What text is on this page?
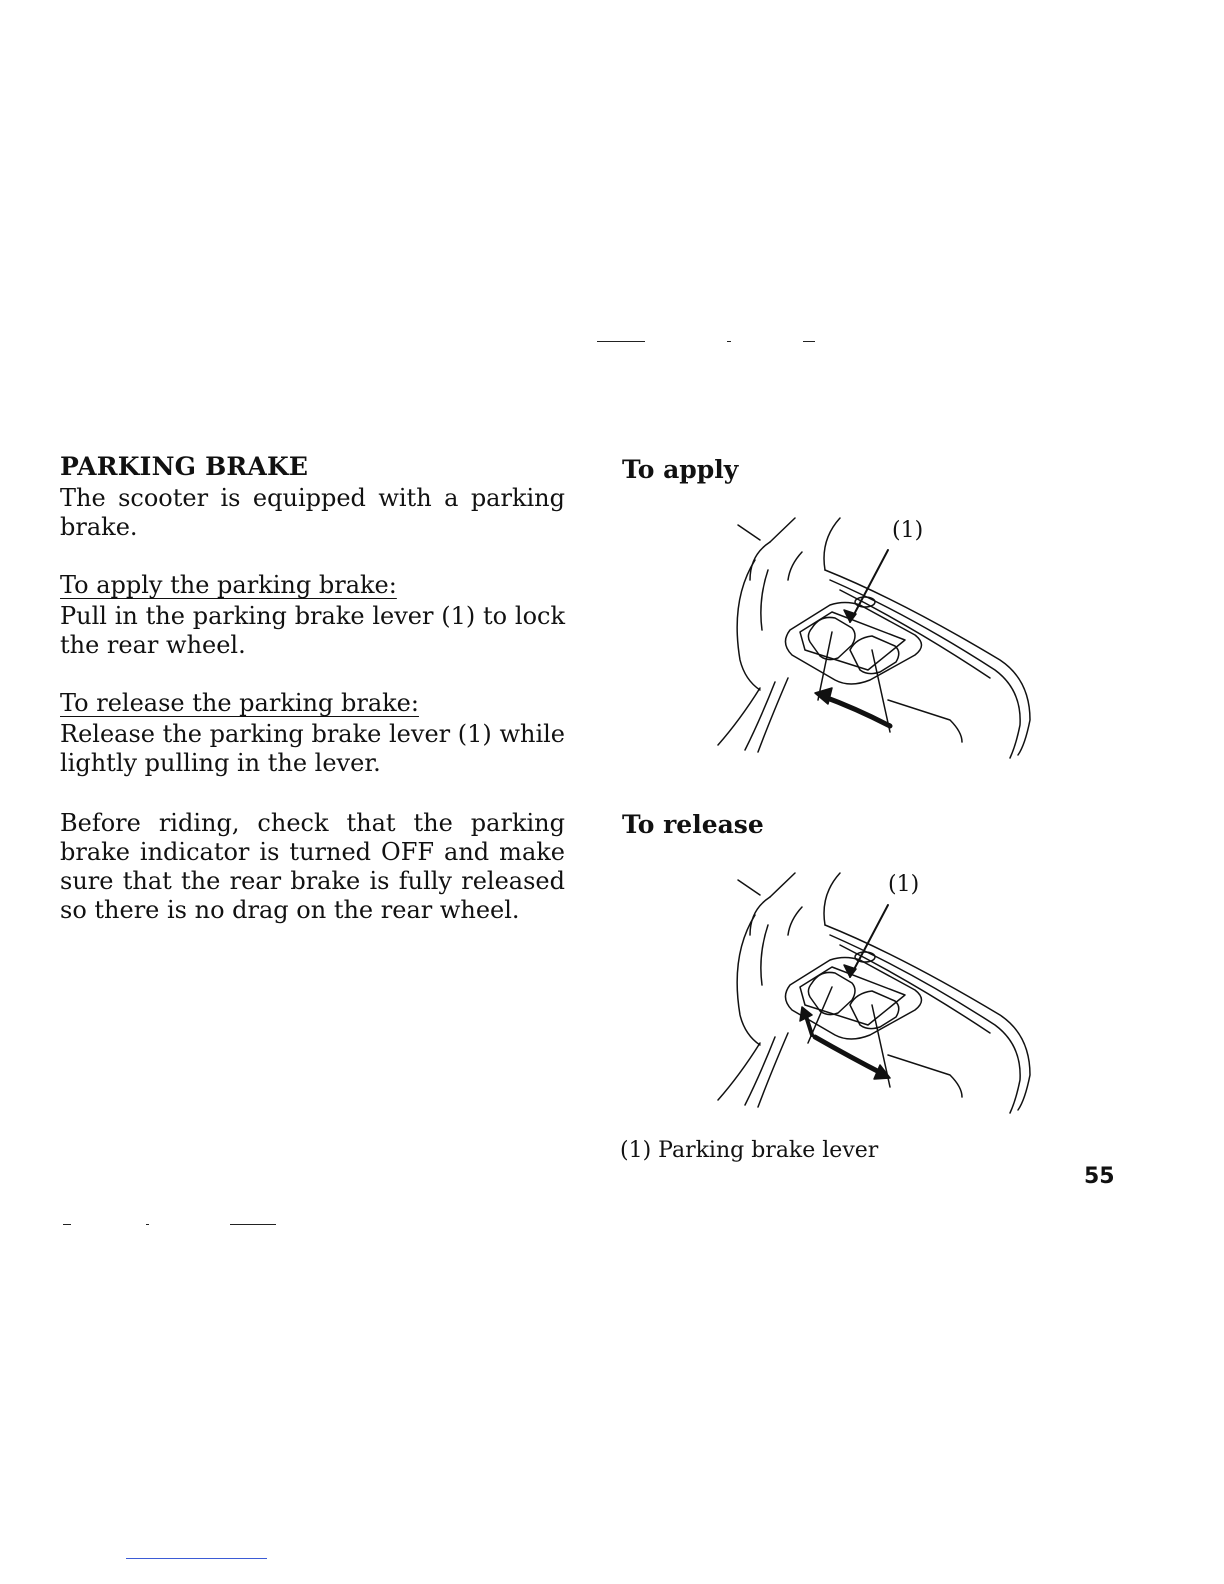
PARKING BRAKE
The scooter is equipped with a parking brake.
To apply the parking brake:
Pull in the parking brake lever (1) to lock the rear wheel.
To release the parking brake:
Release the parking brake lever (1) while lightly pulling in the lever.
Before riding, check that the parking brake indicator is turned OFF and make sure that the rear brake is fully released so there is no drag on the rear wheel.
To apply
To release
(1)
(1)
(1) Parking brake lever
55
